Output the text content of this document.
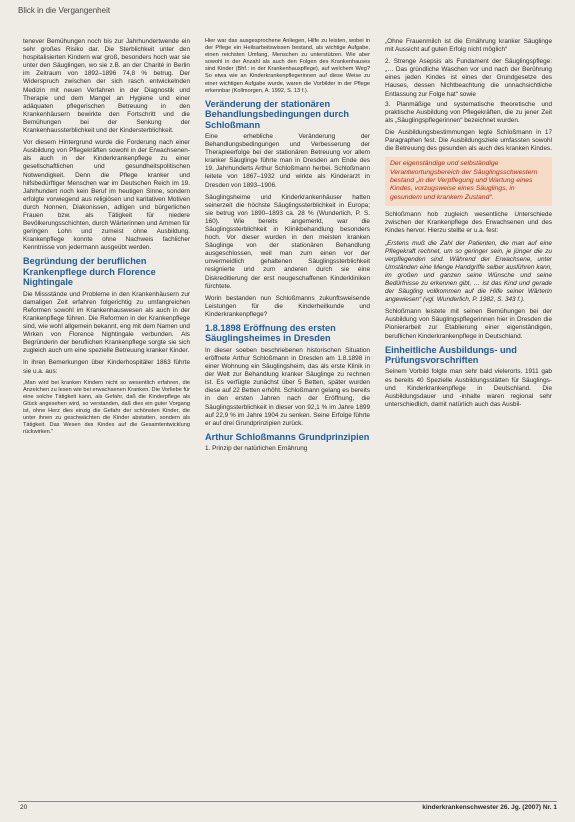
Blick in die Vergangenheit

tenever Bemühungen noch bis zur Jahrhundertwende ein sehr großes Risiko dar. Die Sterblichkeit unter den hospitalisierten Kindern war groß, besonders hoch war sie unter den Säuglingen, wo sie z.B. an der Charité in Berlin im Zeitraum von 1892–1896 74,8 % betrug. Der Widerspruch zwischen der sich rasch entwickelnden Medizin mit neuen Verfahren in der Diagnostik und Therapie und dem Mangel an Hygiene und einer adäquaten pflegerischen Betreuung in den Krankenhäusern bewirkte den Fortschritt und die Bemühungen bei der Senkung der Krankenhaussterblichkeit und der Kindersterblichkeit.

Vor diesem Hintergrund wurde die Forderung nach einer Ausbildung von Pflegekräften sowohl in der Erwachsenen- als auch in der Kinderkrankenpflege zu einer gesellschaftlichen und gesundheitspolitischen Notwendigkeit. Denn die Pflege kranker und hilfsbedürftiger Menschen war im Deutschen Reich im 19. Jahrhundert noch kein Beruf im heutigen Sinne, sondern erfolgte vorwiegend aus religiösen und karitativen Motiven durch Nonnen, Diakonissen, adligen und bürgerlichen Frauen bzw. als Tätigkeit für niedere Bevölkerungsschichten, durch Wärterinnen und Ammen für geringen Lohn und zumeist ohne Ausbildung. Krankenpflege konnte ohne Nachweis fachlicher Kenntnisse von jedermann ausgeübt werden.

Begründung der beruflichen Krankenpflege durch Florence Nightingale

Die Missstände und Probleme in den Krankenhäusern zur damaligen Zeit erfahren folgerichtig zu umfangreichen Reformen sowohl im Krankenhauswesen als auch in der Krankenpflege führen. Die Reformen in der Krankenpflege sind, wie wohl allgemein bekannt, eng mit dem Namen und Wirken von Florence Nightingale verbunden. Als Begründerin der beruflichen Krankenpflege sorgte sie sich zugleich auch um eine spezielle Betreuung kranker Kinder.

In ihren Bemerkungen über Kinderhospitäler 1863 führte sie u.a. aus:

„Man wird bei kranken Kindern nicht so wesentlich erfahren, die Anzeichen zu lesen wie bei erwachsenen Kranken. Die Vorliebe für eine solche Tätigkeit kann, als Gefahr, daß die Kinderpflege als Glück angesehen wird, so verstanden, daß dies ein guter Vorgang ist, ohne Herz dies einzig die Gefahr der schönsten Kinder, die unter ihnen zu geschwächten die Kinder abstatten, sondern als Tätigkeit. Das Wesen des Kindes auf die Gesamtentwicklung rückwirken.“

Hier war das ausgesprochene Anliegen, Hilfe zu leisten, wobei in der Pflege ein Heilsarbeitswissen bestand, als wichtige Aufgabe, einen reichsten Umfang, Menschen zu unterstützen. Wie aber sowohl in der Anzahl als auch den Folgen des Krankenhauses sind Kinder (Bhf.: in der Krankenhauspflege), auf welchem Weg? So etwa wie an Kinderkrankenpflegerinnen auf diese Weise zu einer wichtigen Aufgabe wurde, waren die Vorbilder in der Pflege erkennbar (Kollmorgen, A. 1992, S. 13 f.).

Veränderung der stationären Behandlungsbedingungen durch Schloßmann

Eine erhebliche Veränderung der Behandlungsbedingungen und Verbesserung der Therapieerfolge bei der stationären Betreuung vor allem kranker Säuglinge führte man in Dresden am Ende des 19. Jahrhunderts Arthur Schloßmann herbei. Schloßmann leitete von 1867–1932 und wirkte als Kinderarzt in Dresden von 1893–1906.

Säuglingsheime und Kinderkrankenhäuser hatten seinerzeit die höchste Säuglingssterblichkeit in Europa; sie betrug von 1890–1893 ca. 28 % (Wunderlich, P. S. 160). Wie bereits angemerkt, war die Säuglingssterblichkeit in Klinikbehandlung besonders hoch. Vor dieser wurden in den meisten kranken Säuglinge von der stationären Behandlung ausgeschlossen, weil man zum einen vor der unvermeidlich gehaltenen Säuglingssterblichkeit resignierte und zum anderen durch sie eine Diskreditierung der erst neugeschaffenen Kinderkliniken fürchtete.

Worin bestanden nun Schloßmanns zukunftsweisende Leistungen für die Kinderheilkunde und Kinderkrankenpflege?

1.8.1898 Eröffnung des ersten Säuglingsheimes in Dresden

In dieser soeben beschriebenen historischen Situation eröffnete Arthur Schloßmann in Dresden am 1.8.1898 in einer Wohnung ein Säuglingsheim, das als erste Klinik in der Welt zur Behandlung kranker Säuglinge zu rechnen ist. Es verfügte zunächst über 5 Betten, später wurden diese auf 22 Betten erhöht. Schloßmann gelang es bereits in den ersten Jahren nach der Eröffnung, die Säuglingssterblichkeit in dieser von 92,1 % im Jahre 1899 auf 22,9 % im Jahre 1904 zu senken. Seine Erfolge führte er auf drei Grundprinzipien zurück.

Arthur Schloßmanns Grundprinzipien

1. Prinzip der natürlichen Ernährung

„Ohne Frauenmilch ist die Ernährung kranker Säuglinge mit Aussicht auf guten Erfolg nicht möglich“

2. Strenge Asepsis als Fundament der Säuglingspflege: „… Das gründliche Waschen vor und nach der Berührung eines jeden Kindes ist eines der Grundgesetze des Hauses, dessen Nichtbeachtung die unnachsichtliche Entlassung zur Folge hat“ sowie
3. Planmäßige und systematische theoretische und praktische Ausbildung von Pflegekräften, die zu jener Zeit als „Säuglingspflegerinnen“ bezeichnet wurden.

Die Ausbildungsbestimmungen legte Schloßmann in 17 Paragraphen fest. Die Ausbildungsziele umfassten sowohl die Betreuung des gesunden als auch des kranken Kindes.

Der eigenständige und selbständige Verantwortungsbereich der Säuglingsschwestern bestand „in der Verpflegung und Wartung eines Kindes, vorzugsweise eines Säuglings, in gesundem und krankem Zustand“.

Schloßmann hob zugleich wesentliche Unterschiede zwischen der Krankenpflege des Erwachsenen und des Kindes hervor. Hierzu stellte er u.a. fest:

„Erstens muß die Zahl der Patienten, die man auf eine Pflegekraft rechnet, um so geringer sein, je jünger die zu verpflegenden sind. Während der Erwachsene, unter Umständen eine Menge Handgriffe selber ausführen kann, im großen und ganzen seine Wünsche und seine Bedürfnisse zu erkennen gibt, … ist das Kind und gerade der Säugling vollkommen auf die Hilfe seiner Wärterin angewiesen“ (vgl. Wunderlich, P. 1982, S. 343 f.).

Schloßmann leistete mit seinen Bemühungen bei der Ausbildung von Säuglingspflegerinnen hier in Dresden die Pionierarbeit zur Etablierung einer eigenständigen, beruflichen Kinderkrankenpflege in Deutschland.

Einheitliche Ausbildungs- und Prüfungsvorschriften

Seinem Vorbild folgte man sehr bald vielerorts. 1911 gab es bereits 40 Spezielle Ausbildungsstätten für Säuglings- und Kinderkrankenpflege in Deutschland. Die Ausbildungsdauer und -inhalte waren regional sehr unterschiedlich, damit natürlich auch das Ausbil-

20	kinderkrankenschwester 26. Jg. (2007) Nr. 1
